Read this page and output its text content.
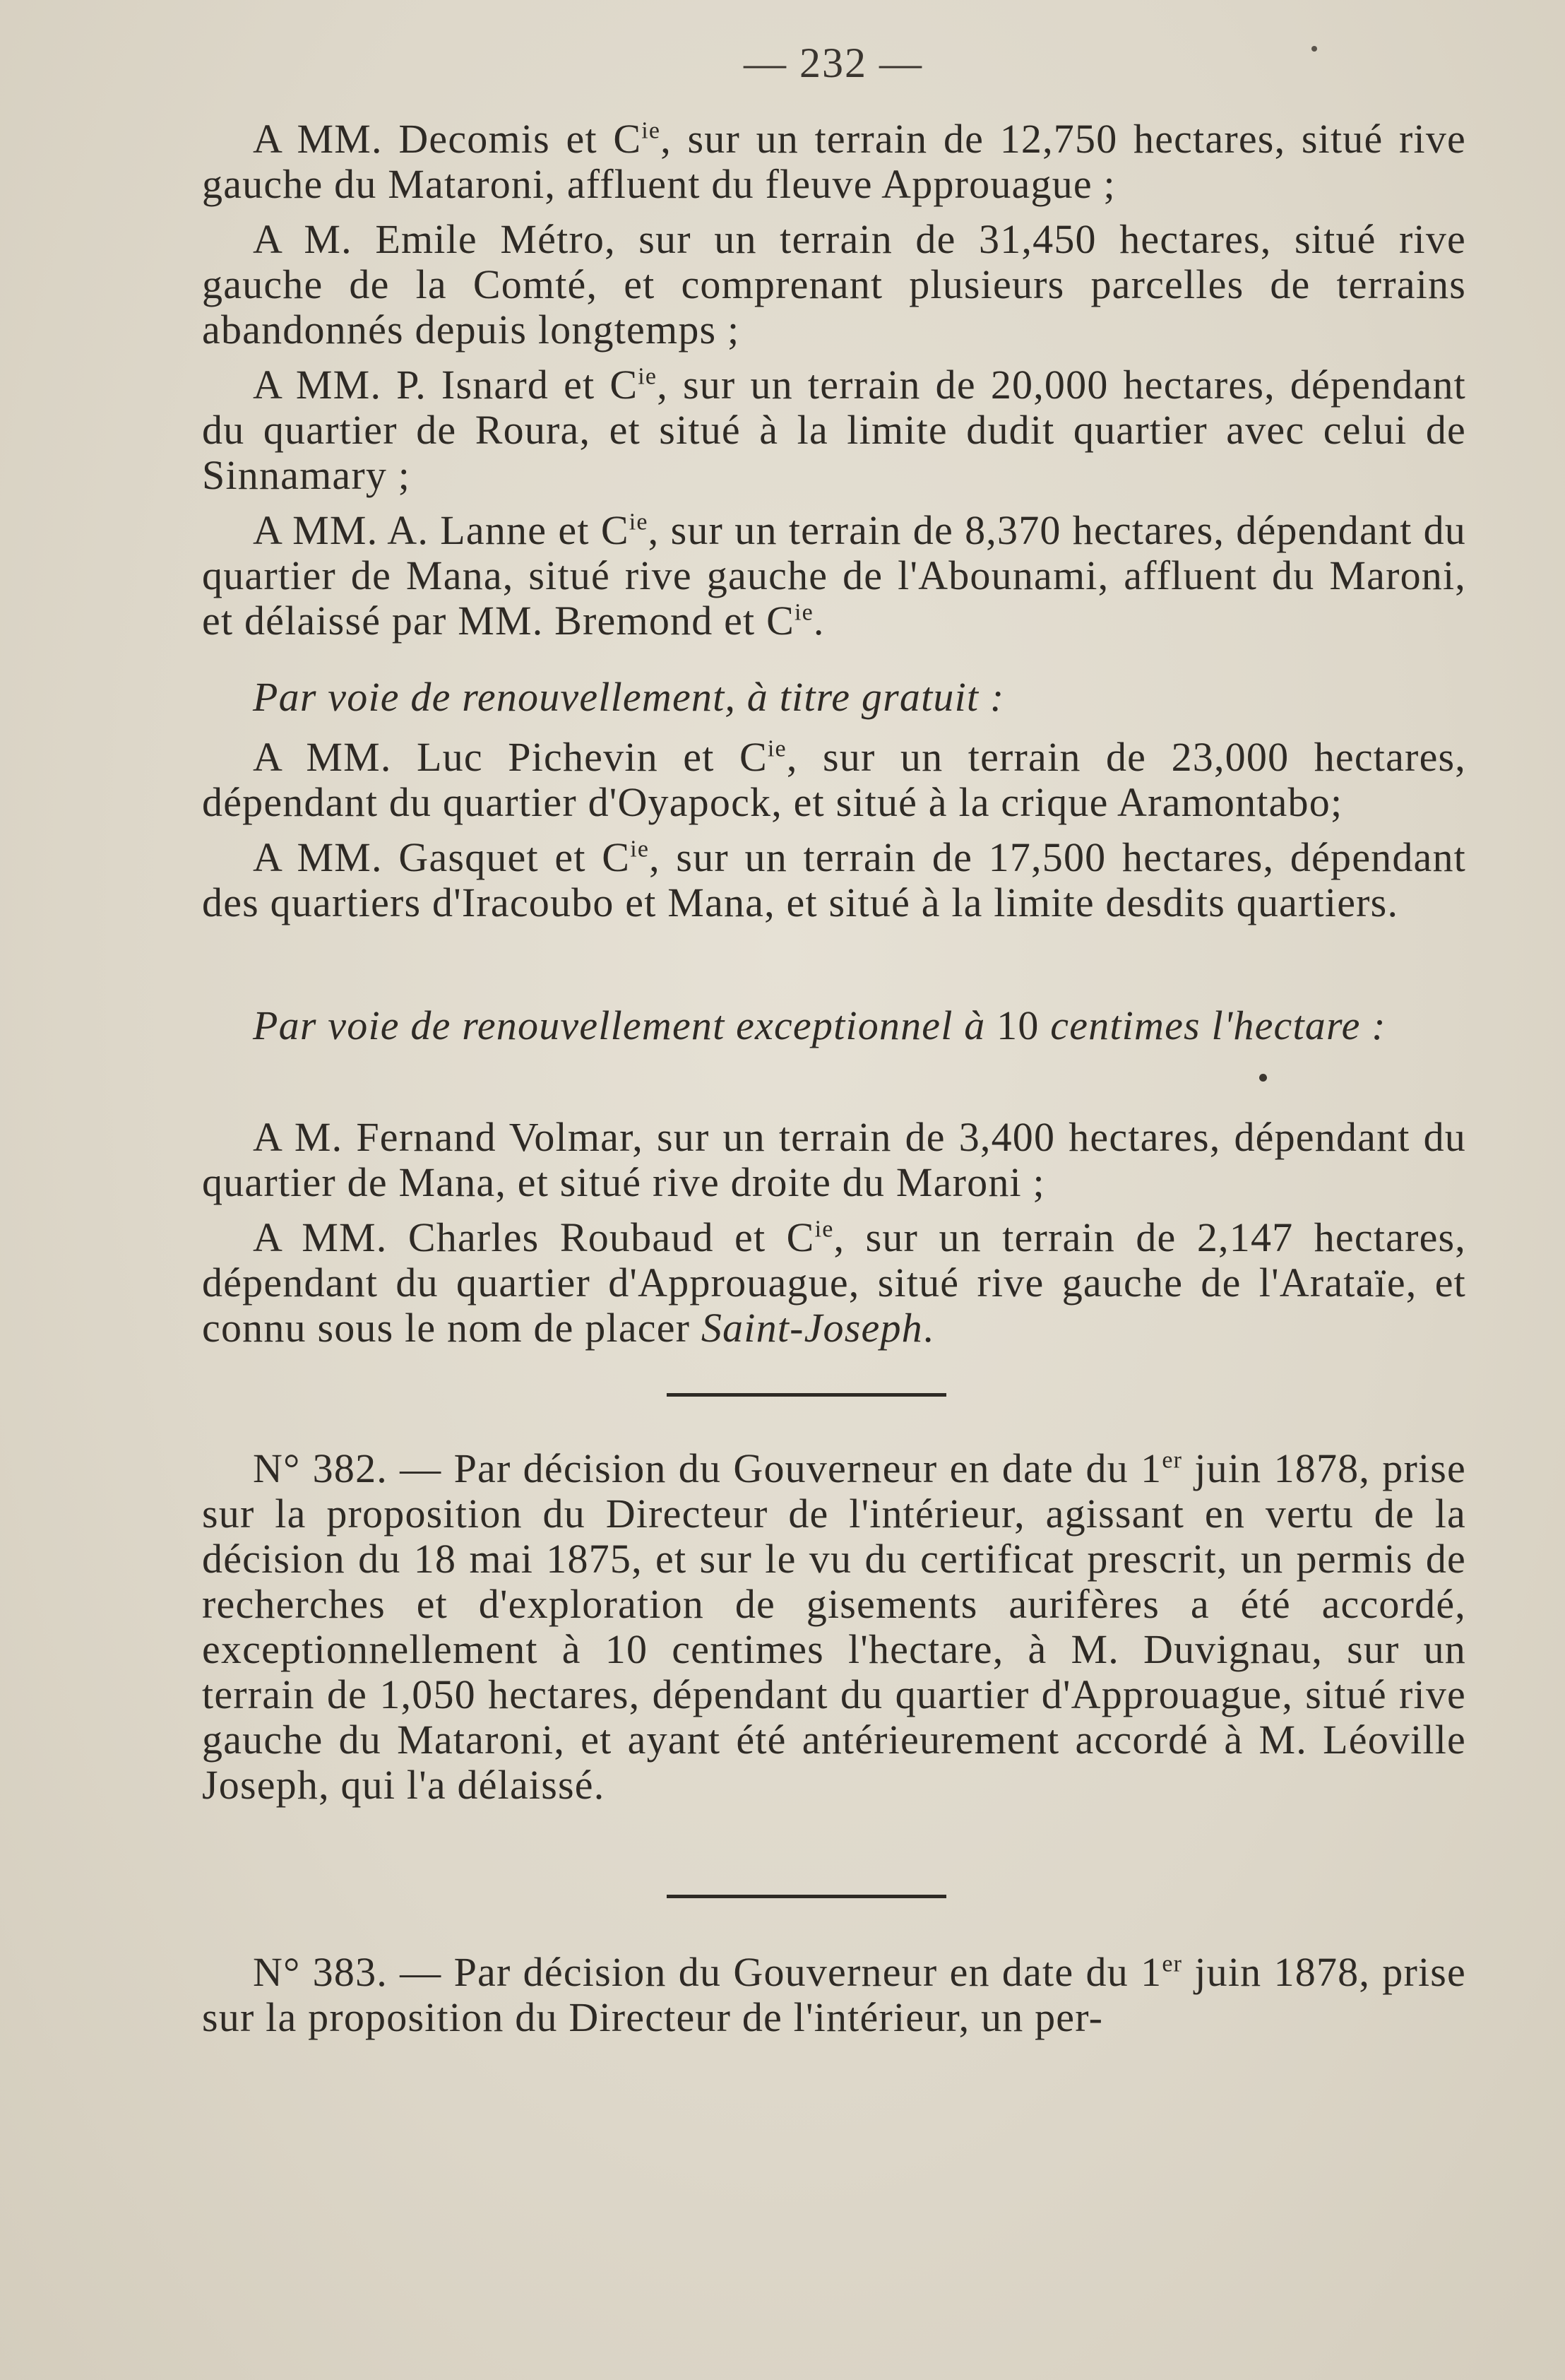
— 232 —

A MM. Decomis et $C^{ie}$, sur un terrain de 12,750 hectares, situé rive gauche du Mataroni, affluent du fleuve Approuague ;

A M. Emile Métro, sur un terrain de 31,450 hectares, situé rive gauche de la Comté, et comprenant plusieurs parcelles de terrains abandonnés depuis longtemps ;

A MM. P. Isnard et $C^{ie}$, sur un terrain de 20,000 hectares, dépendant du quartier de Roura, et situé à la limite dudit quartier avec celui de Sinnamary ;

A MM. A. Lanne et $C^{ie}$, sur un terrain de 8,370 hectares, dépendant du quartier de Mana, situé rive gauche de l'Abounami, affluent du Maroni, et délaissé par MM. Bremond et $C^{ie}$.

Par voie de renouvellement, à titre gratuit :

A MM. Luc Pichevin et $C^{ie}$, sur un terrain de 23,000 hectares, dépendant du quartier d'Oyapock, et situé à la crique Aramontabo;

A MM. Gasquet et $C^{ie}$, sur un terrain de 17,500 hectares, dépendant des quartiers d'Iracoubo et Mana, et situé à la limite desdits quartiers.

Par voie de renouvellement exceptionnel à 10 centimes l'hectare :

A M. Fernand Volmar, sur un terrain de 3,400 hectares, dépendant du quartier de Mana, et situé rive droite du Maroni ;

A MM. Charles Roubaud et $C^{ie}$, sur un terrain de 2,147 hectares, dépendant du quartier d'Approuague, situé rive gauche de l'Arataïe, et connu sous le nom de placer Saint-Joseph.

N° 382. — Par décision du Gouverneur en date du 1er juin 1878, prise sur la proposition du Directeur de l'intérieur, agissant en vertu de la décision du 18 mai 1875, et sur le vu du certificat prescrit, un permis de recherches et d'exploration de gisements aurifères a été accordé, exceptionnellement à 10 centimes l'hectare, à M. Duvignau, sur un terrain de 1,050 hectares, dépendant du quartier d'Approuague, situé rive gauche du Mataroni, et ayant été antérieurement accordé à M. Léoville Joseph, qui l'a délaissé.

N° 383. — Par décision du Gouverneur en date du 1er juin 1878, prise sur la proposition du Directeur de l'intérieur, un per-
